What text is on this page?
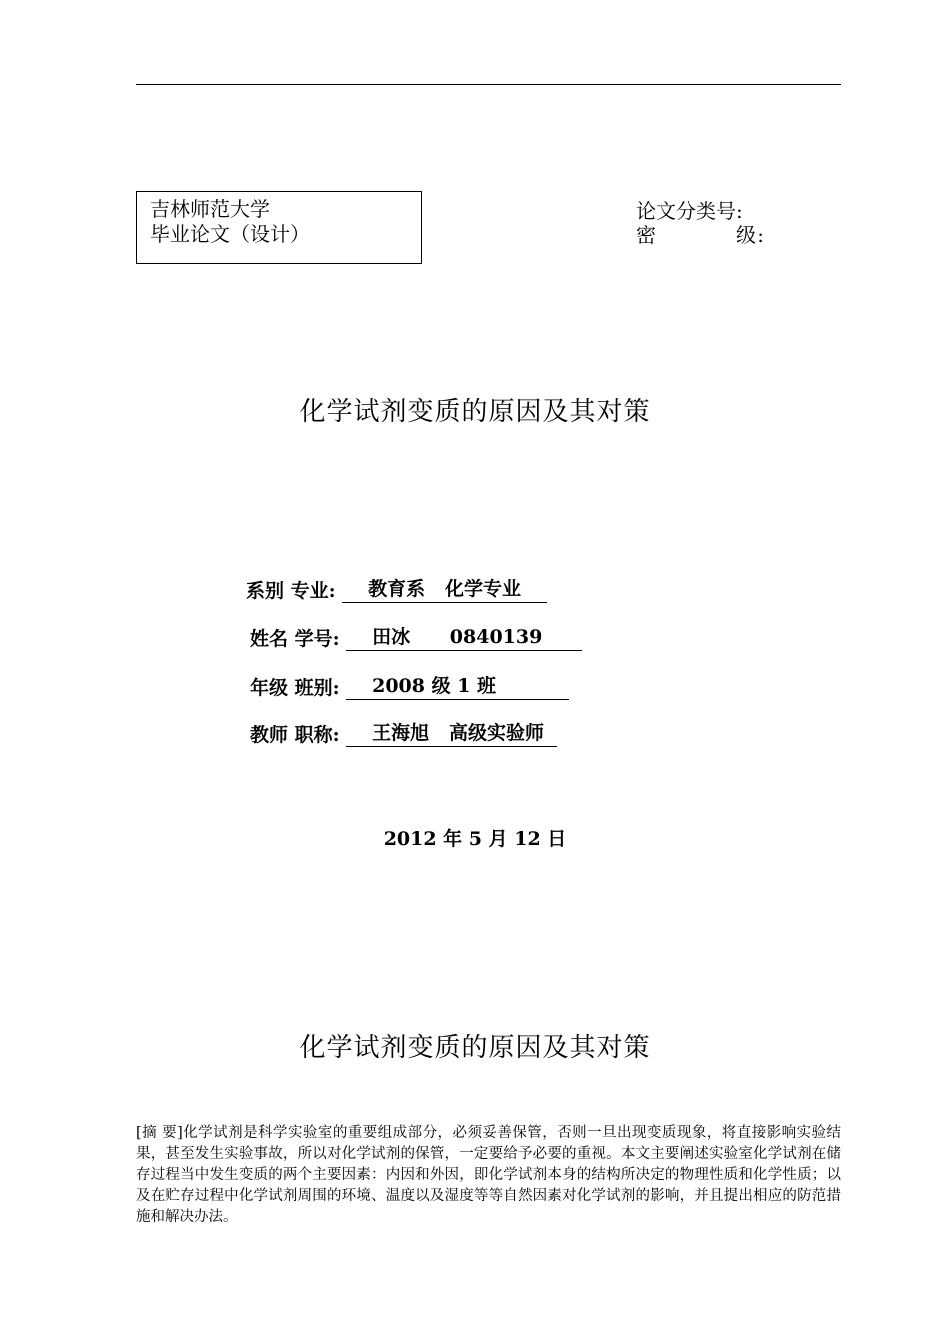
吉林师范大学
毕业论文（设计）
论文分类号:
密	级 :
化学试剂变质的原因及其对策
系别 专业: 教育系   化学专业
姓名 学号: 田冰      0840139
年级 班别: 2008 级 1 班
教师 职称: 王海旭   高级实验师
2012 年 5 月 12 日
化学试剂变质的原因及其对策
[摘 要]化学试剂是科学实验室的重要组成部分，必须妥善保管，否则一旦出现变质现象，将直接影响实验结果，甚至发生实验事故，所以对化学试剂的保管，一定要给予必要的重视。本文主要阐述实验室化学试剂在储存过程当中发生变质的两个主要因素：内因和外因，即化学试剂本身的结构所决定的物理性质和化学性质；以及在贮存过程中化学试剂周围的环境、温度以及湿度等等自然因素对化学试剂的影响，并且提出相应的防范措施和解决办法。
